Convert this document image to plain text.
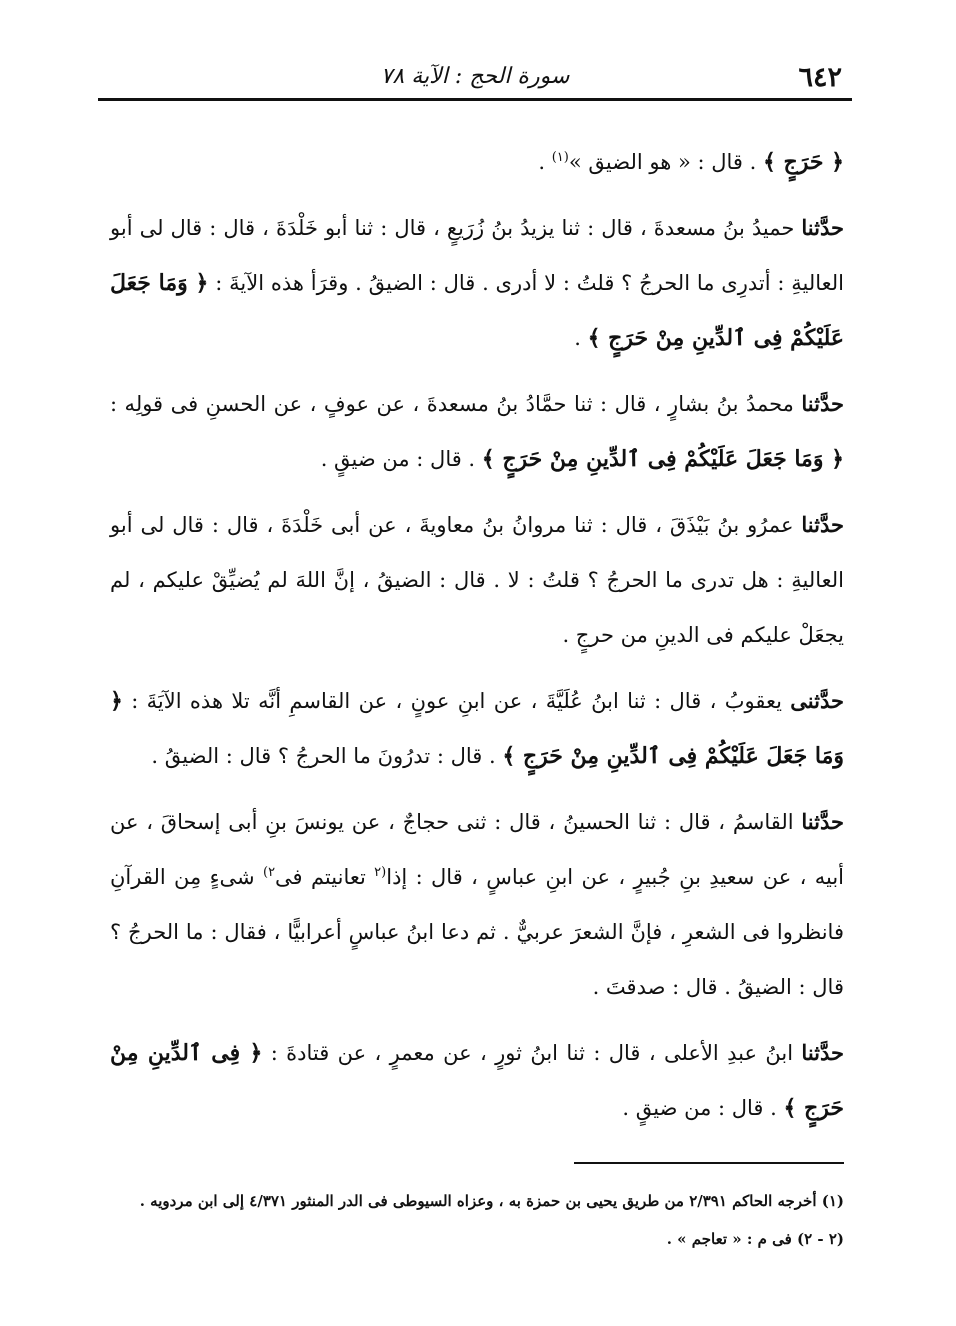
٦٤٢
سورة الحج : الآية ٧٨

﴿ حَرَجٍ ﴾ . قال : « هو الضيق »$^{(١)}$ .

حدَّثنا حميدُ بنُ مسعدةَ ، قال : ثنا يزيدُ بنُ زُرَيعٍ ، قال : ثنا أبو خَلْدَةَ ، قال : قال لى أبو العاليةِ : أتدرِى ما الحرجُ ؟ قلتُ : لا أدرى . قال : الضيقُ . وقرَأ هذه الآيةَ : ﴿ وَمَا جَعَلَ عَلَيْكُمْ فِى ٱلدِّينِ مِنْ حَرَجٍ ﴾ .

حدَّثنا محمدُ بنُ بشارٍ ، قال : ثنا حمَّادُ بنُ مسعدةَ ، عن عوفٍ ، عن الحسنِ فى قولِه : ﴿ وَمَا جَعَلَ عَلَيْكُمْ فِى ٱلدِّينِ مِنْ حَرَجٍ ﴾ . قال : من ضيقٍ .

حدَّثنا عمرُو بنُ بَيْذَقَ ، قال : ثنا مروانُ بنُ معاويةَ ، عن أبى خَلْدَةَ ، قال : قال لى أبو العاليةِ : هل تدرى ما الحرجُ ؟ قلتُ : لا . قال : الضيقُ ، إنَّ اللهَ لم يُضيِّقْ عليكم ، لم يجعَلْ عليكم فى الدينِ من حرجٍ .

حدَّثنى يعقوبُ ، قال : ثنا ابنُ عُلَيَّةَ ، عن ابنِ عونٍ ، عن القاسمِ أنَّه تلا هذه الآيَةَ : ﴿ وَمَا جَعَلَ عَلَيْكُمْ فِى ٱلدِّينِ مِنْ حَرَجٍ ﴾ . قال : تدرُونَ ما الحرجُ ؟ قال : الضيقُ .

حدَّثنا القاسمُ ، قال : ثنا الحسينُ ، قال : ثنى حجاجٌ ، عن يونسَ بنِ أبى إسحاقَ ، عن أبيه ، عن سعيدِ بنِ جُبيرٍ ، عن ابنِ عباسٍ ، قال : إذا$^{(٢}$ تعانيتم فى$^{٢)}$ شىءٍ مِن القرآنِ فانظروا فى الشعرِ ، فإنَّ الشعرَ عربيٌّ . ثم دعا ابنُ عباسٍ أعرابيًّا ، فقال : ما الحرجُ ؟ قال : الضيقُ . قال : صدقتَ .

حدَّثنا ابنُ عبدِ الأعلى ، قال : ثنا ابنُ ثورٍ ، عن معمرٍ ، عن قتادةَ : ﴿ فِى ٱلدِّينِ مِنْ حَرَجٍ ﴾ . قال : من ضيقٍ .

(١) أخرجه الحاكم ٢/٣٩١ من طريق يحيى بن حمزة به ، وعزاه السيوطى فى الدر المنثور ٤/٣٧١ إلى ابن مردويه .

(٢ - ٢) فى م : « تعاجم » .
